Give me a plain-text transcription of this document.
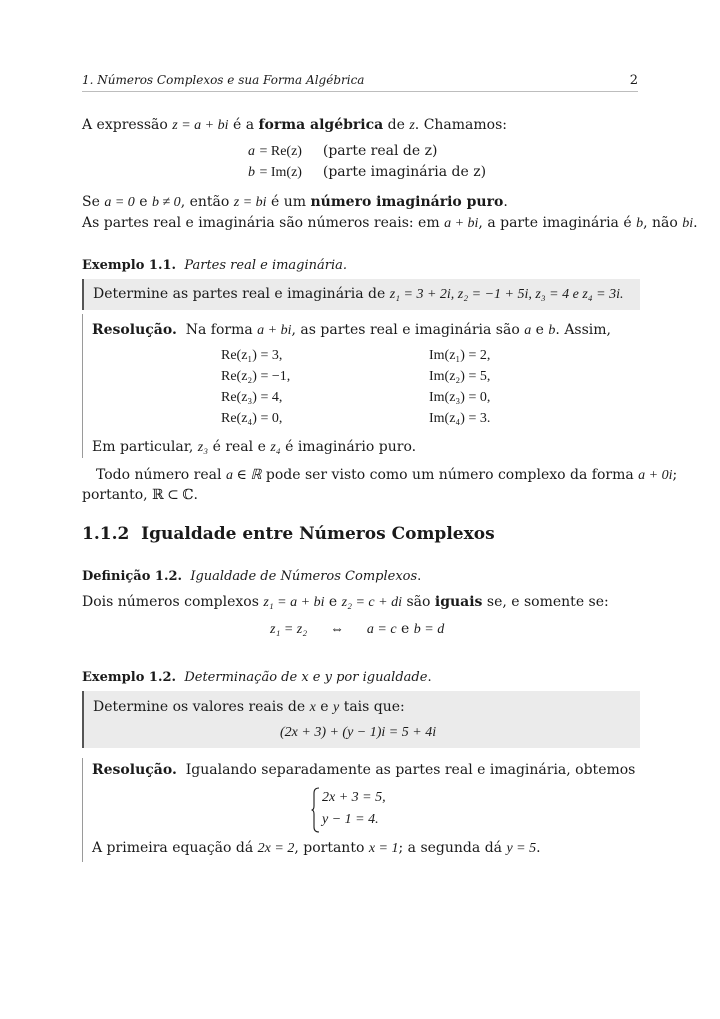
1. Números Complexos e sua Forma Algébrica	2
A expressão z = a + bi é a forma algébrica de z. Chamamos:
a = Re(z) (parte real de z)
b = Im(z) (parte imaginária de z)
Se a = 0 e b ≠ 0, então z = bi é um número imaginário puro.
As partes real e imaginária são números reais: em a + bi, a parte imaginária é b, não bi.
Exemplo 1.1. Partes real e imaginária.
Determine as partes real e imaginária de z₁ = 3 + 2i, z₂ = −1 + 5i, z₃ = 4 e z₄ = 3i.
Resolução. Na forma a + bi, as partes real e imaginária são a e b. Assim,
Re(z₁) = 3,	Im(z₁) = 2,
Re(z₂) = −1,	Im(z₂) = 5,
Re(z₃) = 4,	Im(z₃) = 0,
Re(z₄) = 0,	Im(z₄) = 3.
Em particular, z₃ é real e z₄ é imaginário puro.
Todo número real a ∈ ℝ pode ser visto como um número complexo da forma a + 0i;
portanto, ℝ ⊂ ℂ.
1.1.2 Igualdade entre Números Complexos
Definição 1.2. Igualdade de Números Complexos.
Dois números complexos z₁ = a + bi e z₂ = c + di são iguais se, e somente se:
z₁ = z₂ ⇔ a = c e b = d
Exemplo 1.2. Determinação de x e y por igualdade.
Determine os valores reais de x e y tais que:
(2x + 3) + (y − 1)i = 5 + 4i
Resolução. Igualando separadamente as partes real e imaginária, obtemos
2x + 3 = 5,
y − 1 = 4.
A primeira equação dá 2x = 2, portanto x = 1; a segunda dá y = 5.
